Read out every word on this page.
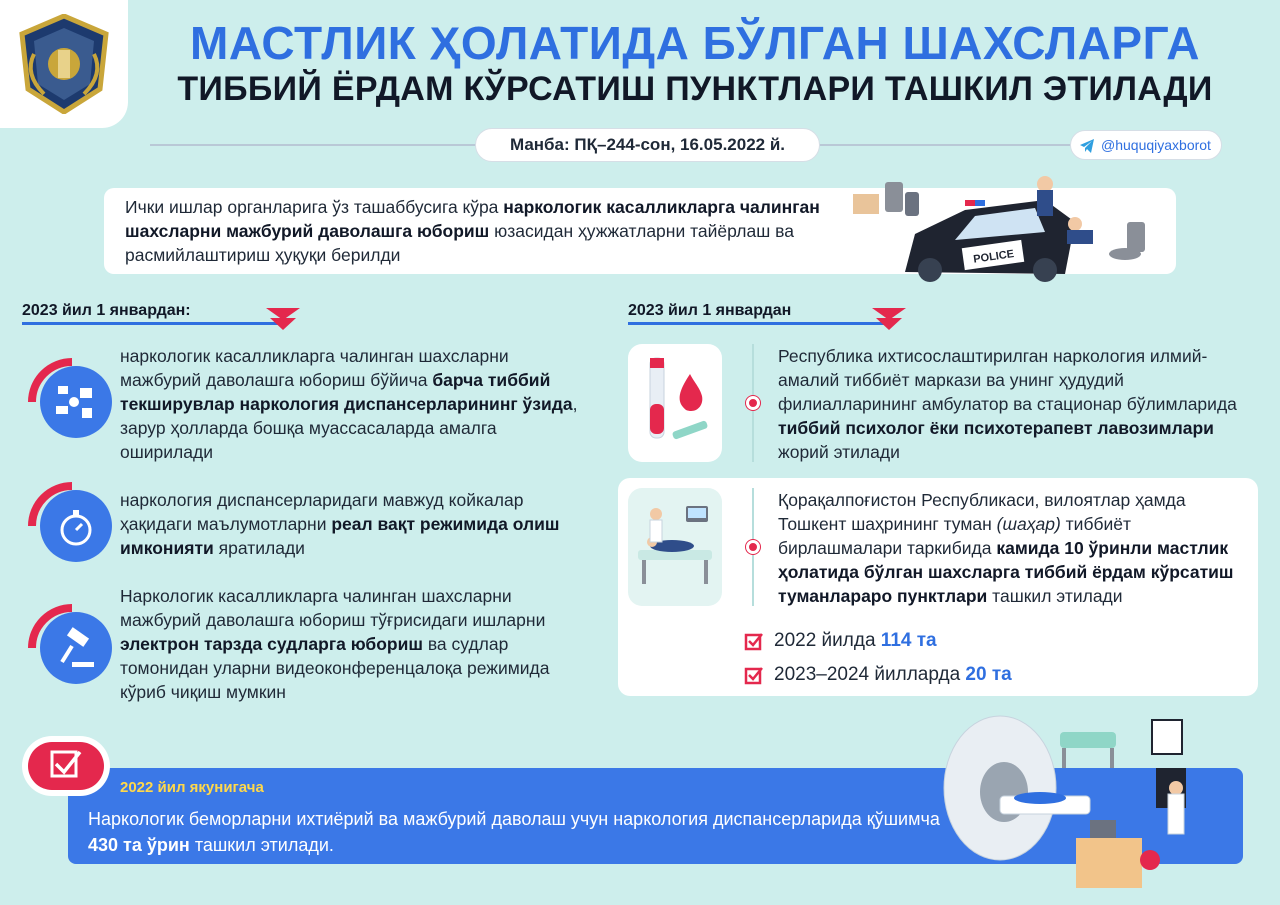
МАСТЛИК ҲОЛАТИДА БЎЛГАН ШАХСЛАРГА
ТИББИЙ ЁРДАМ КЎРСАТИШ ПУНКТЛАРИ ТАШКИЛ ЭТИЛАДИ
Манба: ПҚ–244-сон, 16.05.2022 й.	@huquqiyaxborot
Ички ишлар органларига ўз ташаббусига кўра наркологик касалликларга чалинган шахсларни мажбурий даволашга юбориш юзасидан ҳужжатларни тайёрлаш ва расмийлаштириш ҳуқуқи берилди	POLICE
2023 йил 1 январдан:
наркологик касалликларга чалинган шахсларни мажбурий даволашга юбориш бўйича барча тиббий текширувлар наркология диспансерларининг ўзида, зарур ҳолларда бошқа муассасаларда амалга оширилади
наркология диспансерларидаги мавжуд койкалар ҳақидаги маълумотларни реал вақт режимида олиш имконияти яратилади
Наркологик касалликларга чалинган шахсларни мажбурий даволашга юбориш тўғрисидаги ишларни электрон тарзда судларга юбориш ва судлар томонидан уларни видеоконференцалоқа режимида кўриб чиқиш мумкин
2023 йил 1 январдан
Республика ихтисослаштирилган наркология илмий-амалий тиббиёт маркази ва унинг ҳудудий филиалларининг амбулатор ва стационар бўлимларида тиббий психолог ёки психотерапевт лавозимлари жорий этилади
Қорақалпоғистон Республикаси, вилоятлар ҳамда Тошкент шаҳрининг туман (шаҳар) тиббиёт бирлашмалари таркибида камида 10 ўринли мастлик ҳолатида бўлган шахсларга тиббий ёрдам кўрсатиш туманлараро пунктлари ташкил этилади
2022 йилда 114 та
2023–2024 йилларда 20 та
2022 йил якунигача
Наркологик беморларни ихтиёрий ва мажбурий даволаш учун наркология диспансерларида қўшимча 430 та ўрин ташкил этилади.
